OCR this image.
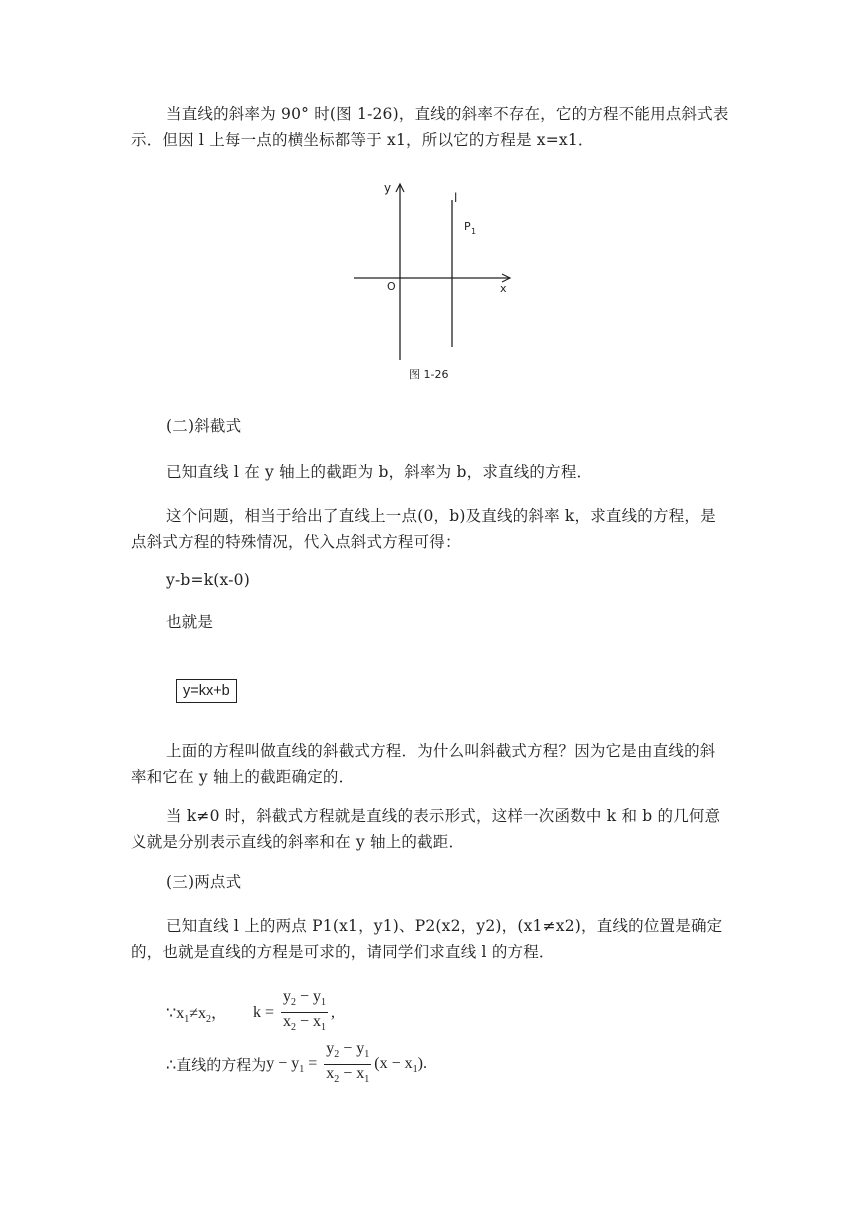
当直线的斜率为 90° 时(图 1-26)，直线的斜率不存在，它的方程不能用点斜式表示．但因 l 上每一点的横坐标都等于 x1，所以它的方程是 x=x1．

y
x
O
l
P 1
图 1-26

(二)斜截式

已知直线 l 在 y 轴上的截距为 b，斜率为 b，求直线的方程．

这个问题，相当于给出了直线上一点(0，b)及直线的斜率 k，求直线的方程，是点斜式方程的特殊情况，代入点斜式方程可得：

y-b=k(x-0)

也就是

y=kx+b

上面的方程叫做直线的斜截式方程．为什么叫斜截式方程？因为它是由直线的斜率和它在 y 轴上的截距确定的．

当 k≠0 时，斜截式方程就是直线的表示形式，这样一次函数中 k 和 b 的几何意义就是分别表示直线的斜率和在 y 轴上的截距．

(三)两点式

已知直线 l 上的两点 P1(x1，y1)、P2(x2，y2)，(x1≠x2)，直线的位置是确定的，也就是直线的方程是可求的，请同学们求直线 l 的方程．

$\because x_1\ne x_2$， $k = \frac{y_2 - y_1}{x_2 - x_1}$ ,
∴直线的方程为$y - y_1 = \frac{y_2 - y_1}{x_2 - x_1} (x - x_1)$.
